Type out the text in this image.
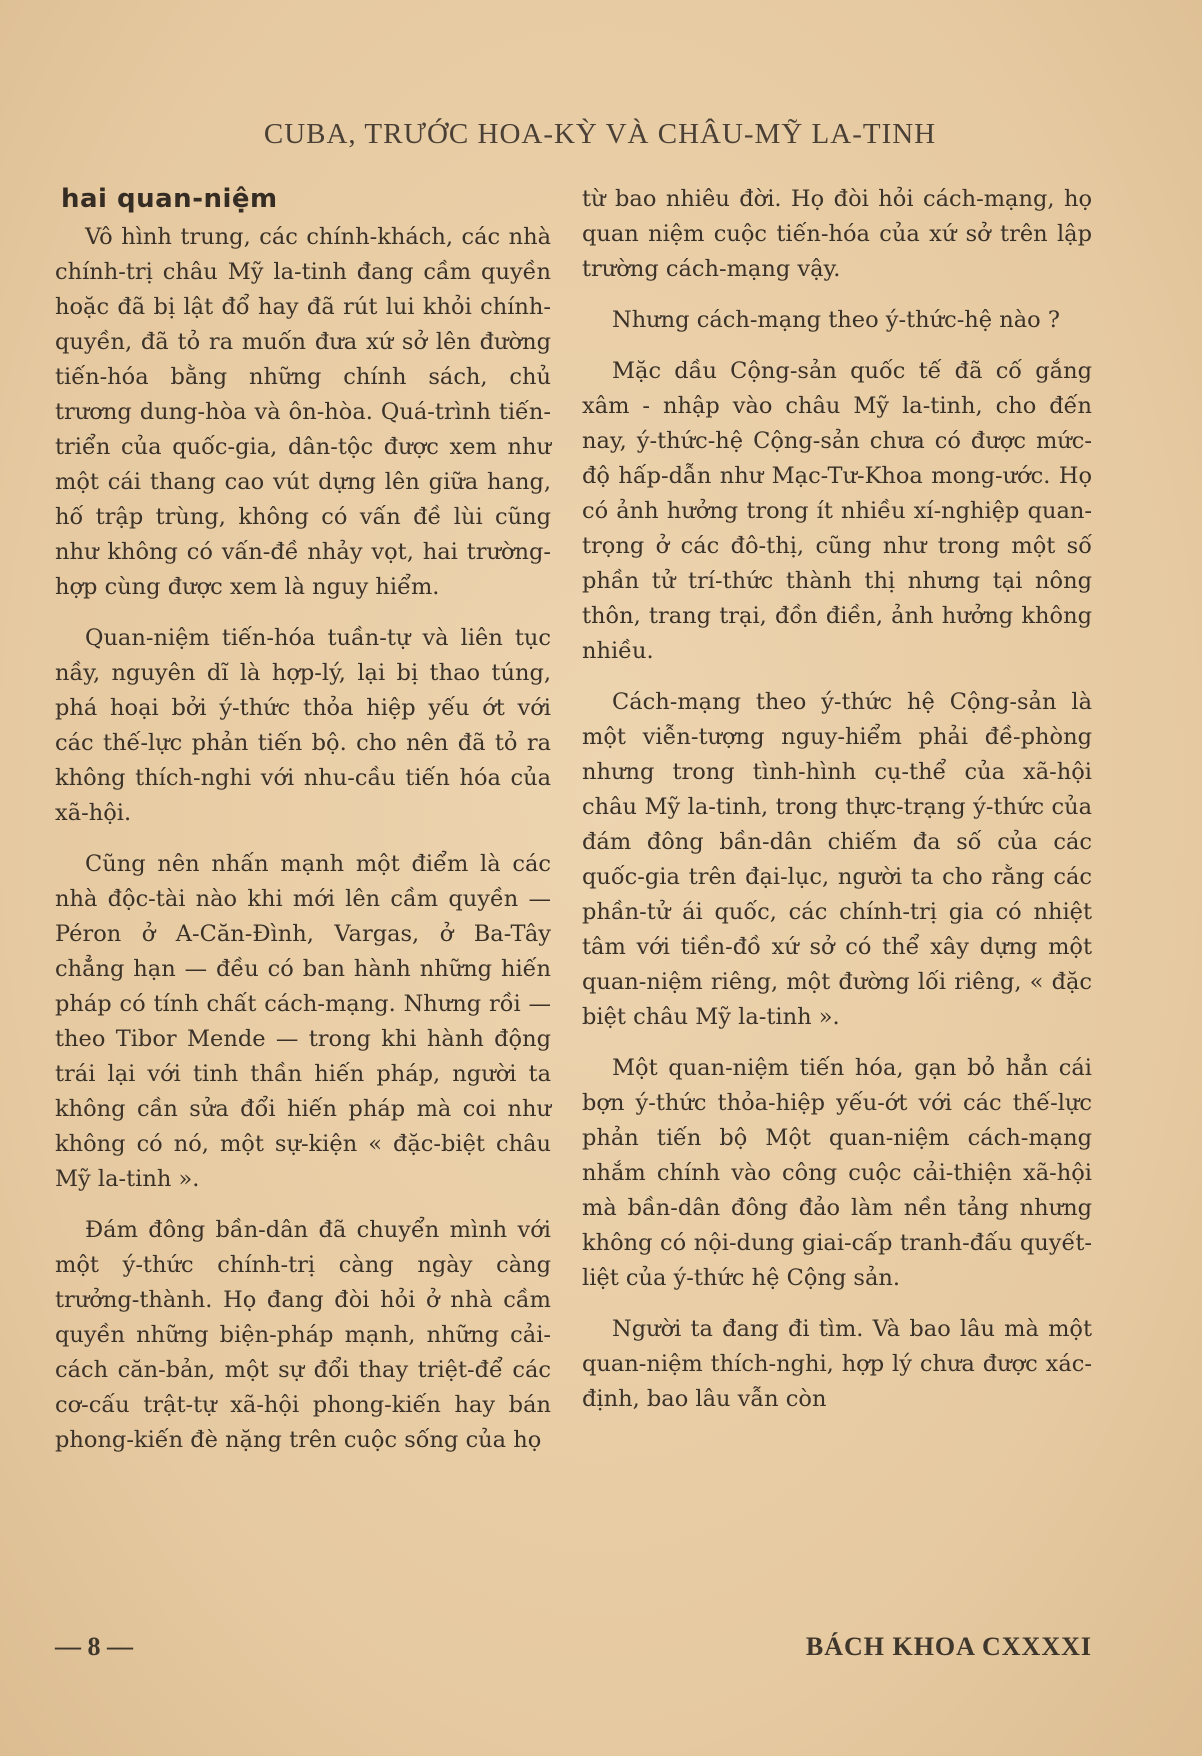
CUBA, TRƯỚC HOA-KỲ VÀ CHÂU-MỸ LA-TINH
hai quan-niệm

Vô hình trung, các chính-khách, các nhà chính-trị châu Mỹ la-tinh đang cầm quyền hoặc đã bị lật đổ hay đã rút lui khỏi chính-quyền, đã tỏ ra muốn đưa xứ sở lên đường tiến-hóa bằng những chính sách, chủ trương dung-hòa và ôn-hòa. Quá-trình tiến-triển của quốc-gia, dân-tộc được xem như một cái thang cao vút dựng lên giữa hang, hố trập trùng, không có vấn đề lùi cũng như không có vấn-đề nhảy vọt, hai trường-hợp cùng được xem là nguy hiểm.

Quan-niệm tiến-hóa tuần-tự và liên tục nầy, nguyên dĩ là hợp-lý, lại bị thao túng, phá hoại bởi ý-thức thỏa hiệp yếu ớt với các thế-lực phản tiến bộ. cho nên đã tỏ ra không thích-nghi với nhu-cầu tiến hóa của xã-hội.

Cũng nên nhấn mạnh một điểm là các nhà độc-tài nào khi mới lên cầm quyền — Péron ở A-Căn-Đình, Vargas, ở Ba-Tây chẳng hạn — đều có ban hành những hiến pháp có tính chất cách-mạng. Nhưng rồi — theo Tibor Mende — trong khi hành động trái lại với tinh thần hiến pháp, người ta không cần sửa đổi hiến pháp mà coi như không có nó, một sự-kiện « đặc-biệt châu Mỹ la-tinh ».

Đám đông bần-dân đã chuyển mình với một ý-thức chính-trị càng ngày càng trưởng-thành. Họ đang đòi hỏi ở nhà cầm quyền những biện-pháp mạnh, những cải-cách căn-bản, một sự đổi thay triệt-để các cơ-cấu trật-tự xã-hội phong-kiến hay bán phong-kiến đè nặng trên cuộc sống của họ

từ bao nhiêu đời. Họ đòi hỏi cách-mạng, họ quan niệm cuộc tiến-hóa của xứ sở trên lập trường cách-mạng vậy.

Nhưng cách-mạng theo ý-thức-hệ nào ?

Mặc dầu Cộng-sản quốc tế đã cố gắng xâm - nhập vào châu Mỹ la-tinh, cho đến nay, ý-thức-hệ Cộng-sản chưa có được mức-độ hấp-dẫn như Mạc-Tư-Khoa mong-ước. Họ có ảnh hưởng trong ít nhiều xí-nghiệp quan-trọng ở các đô-thị, cũng như trong một số phần tử trí-thức thành thị nhưng tại nông thôn, trang trại, đồn điền, ảnh hưởng không nhiều.

Cách-mạng theo ý-thức hệ Cộng-sản là một viễn-tượng nguy-hiểm phải đề-phòng nhưng trong tình-hình cụ-thể của xã-hội châu Mỹ la-tinh, trong thực-trạng ý-thức của đám đông bần-dân chiếm đa số của các quốc-gia trên đại-lục, người ta cho rằng các phần-tử ái quốc, các chính-trị gia có nhiệt tâm với tiền-đồ xứ sở có thể xây dựng một quan-niệm riêng, một đường lối riêng, « đặc biệt châu Mỹ la-tinh ».

Một quan-niệm tiến hóa, gạn bỏ hẳn cái bợn ý-thức thỏa-hiệp yếu-ớt với các thế-lực phản tiến bộ Một quan-niệm cách-mạng nhắm chính vào công cuộc cải-thiện xã-hội mà bần-dân đông đảo làm nền tảng nhưng không có nội-dung giai-cấp tranh-đấu quyết-liệt của ý-thức hệ Cộng sản.

Người ta đang đi tìm. Và bao lâu mà một quan-niệm thích-nghi, hợp lý chưa được xác-định, bao lâu vẫn còn

— 8 —	BÁCH KHOA CXXXXI
